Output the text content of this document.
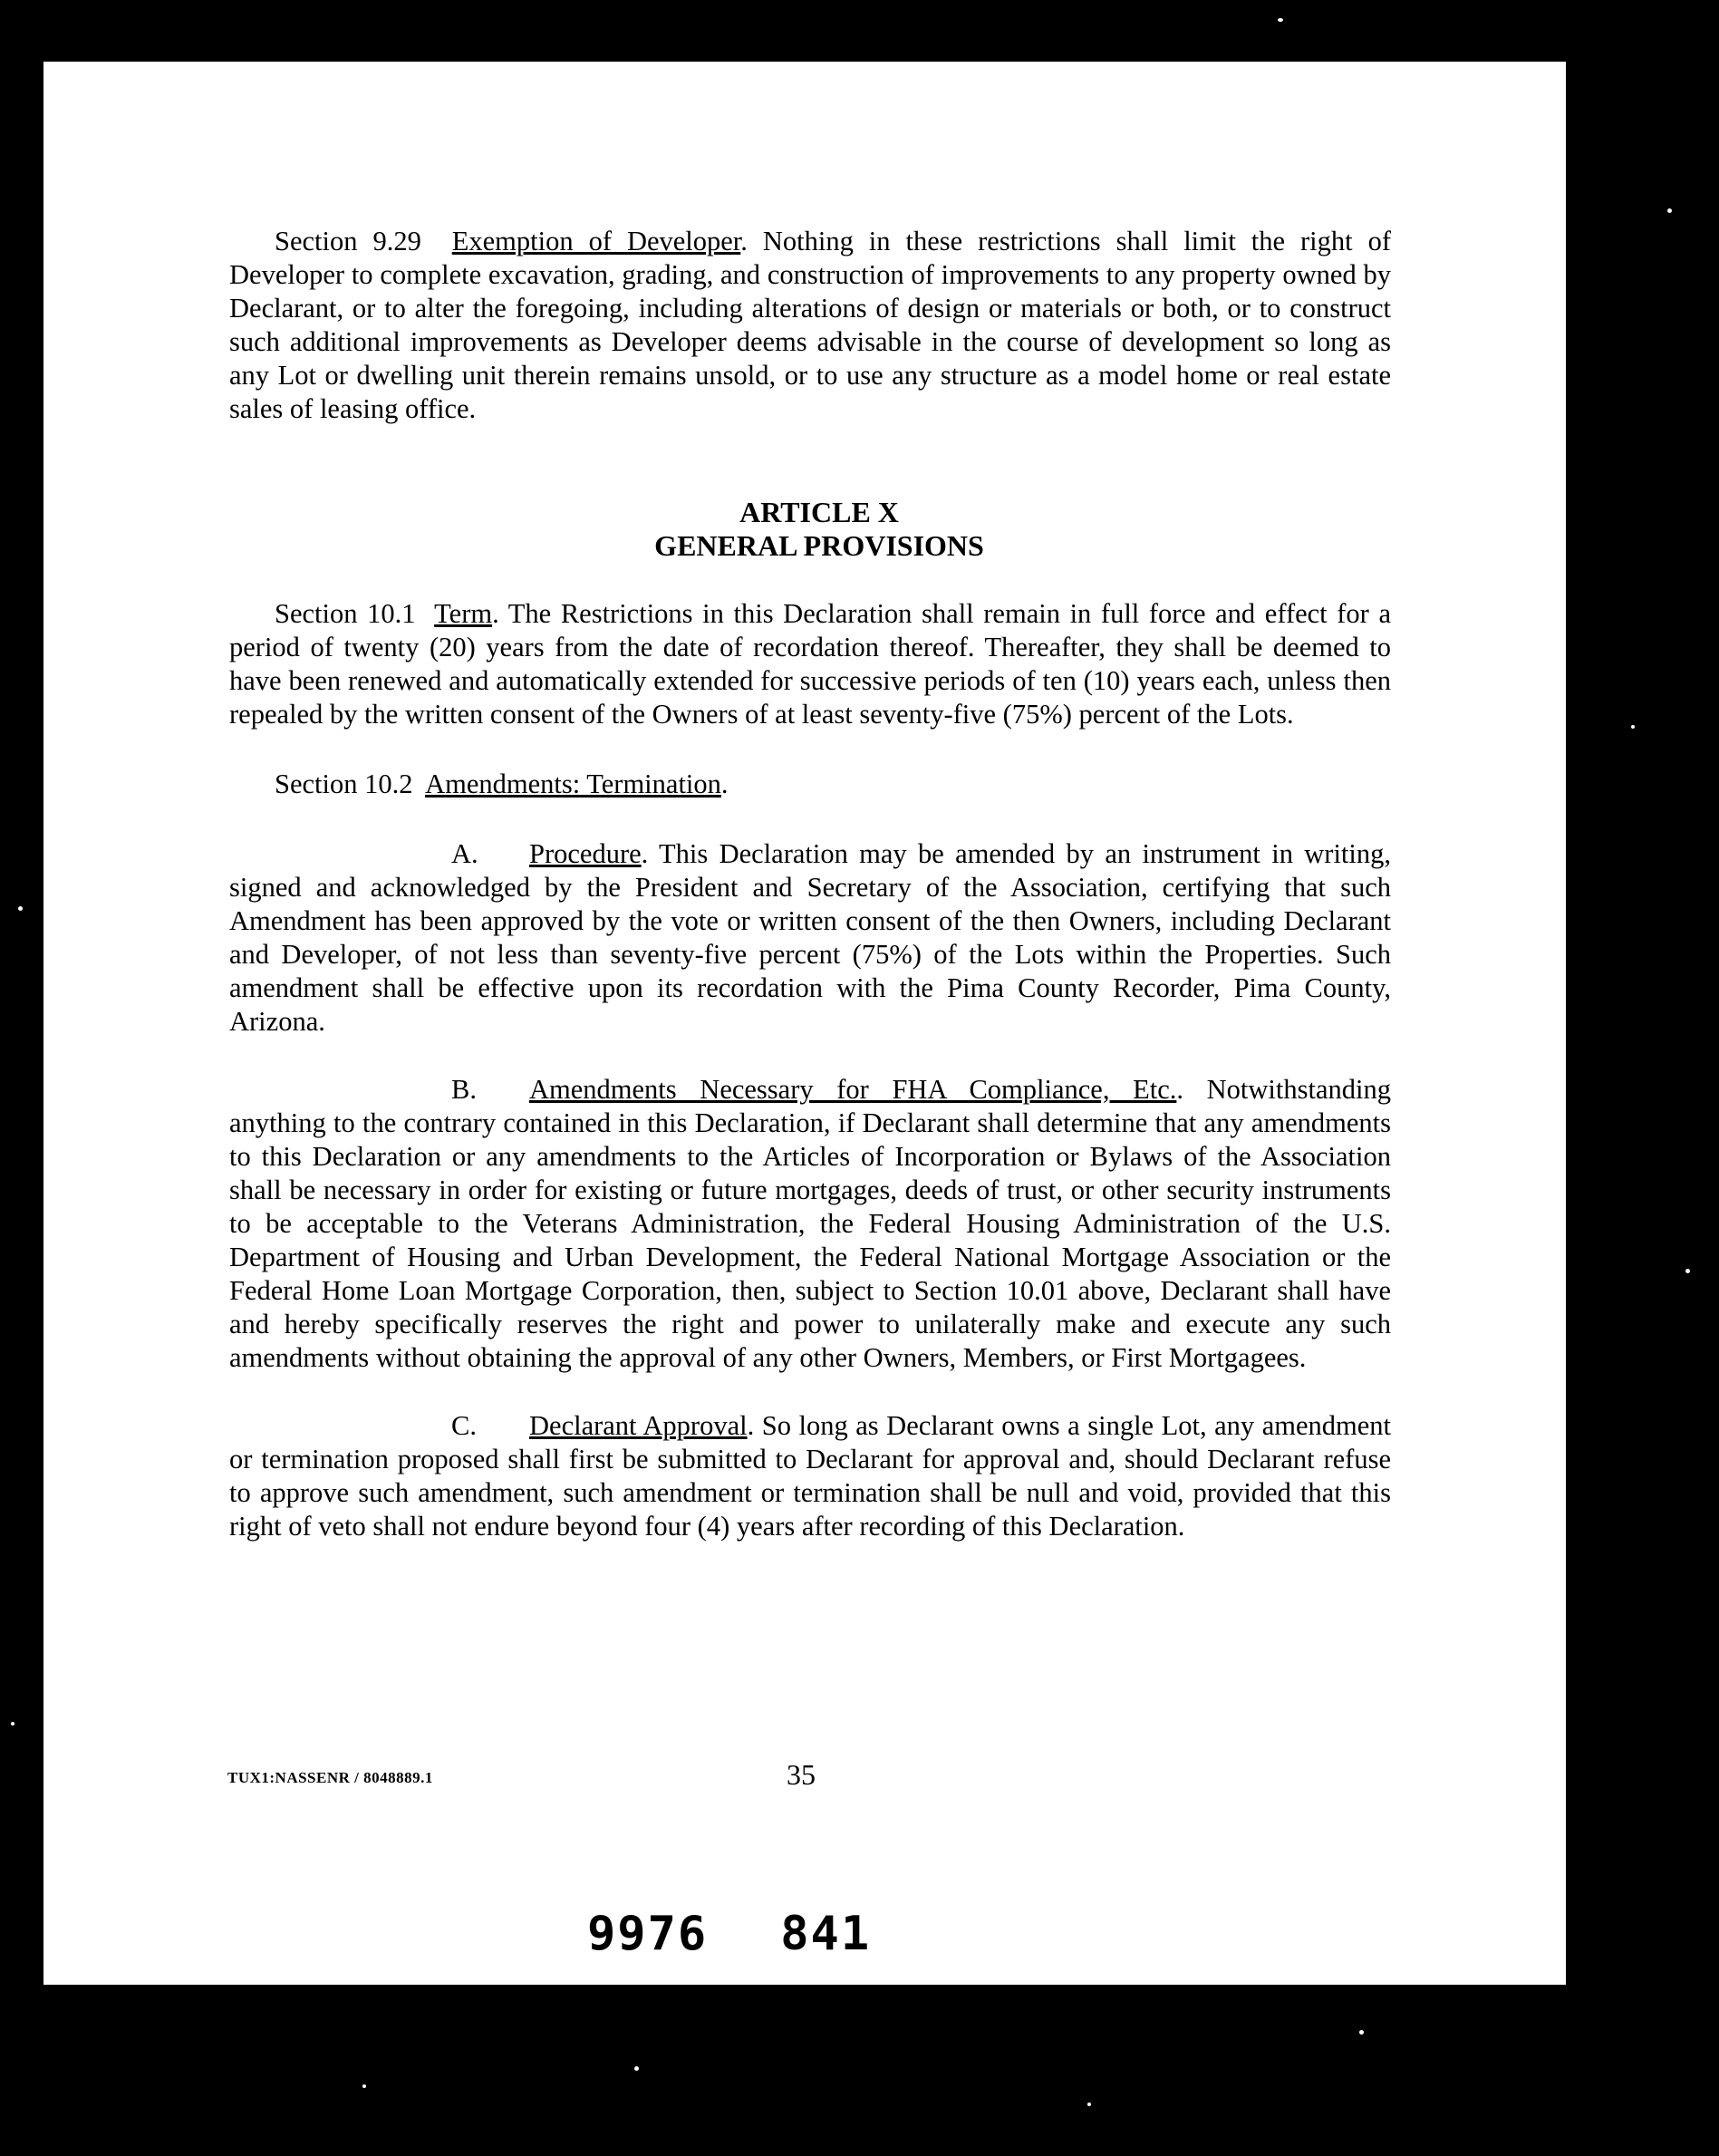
Section 9.29 Exemption of Developer. Nothing in these restrictions shall limit the right of Developer to complete excavation, grading, and construction of improvements to any property owned by Declarant, or to alter the foregoing, including alterations of design or materials or both, or to construct such additional improvements as Developer deems advisable in the course of development so long as any Lot or dwelling unit therein remains unsold, or to use any structure as a model home or real estate sales of leasing office.

ARTICLE X
GENERAL PROVISIONS

Section 10.1 Term. The Restrictions in this Declaration shall remain in full force and effect for a period of twenty (20) years from the date of recordation thereof. Thereafter, they shall be deemed to have been renewed and automatically extended for successive periods of ten (10) years each, unless then repealed by the written consent of the Owners of at least seventy-five (75%) percent of the Lots.

Section 10.2 Amendments: Termination.

A. Procedure. This Declaration may be amended by an instrument in writing, signed and acknowledged by the President and Secretary of the Association, certifying that such Amendment has been approved by the vote or written consent of the then Owners, including Declarant and Developer, of not less than seventy-five percent (75%) of the Lots within the Properties. Such amendment shall be effective upon its recordation with the Pima County Recorder, Pima County, Arizona.

B. Amendments Necessary for FHA Compliance, Etc.. Notwithstanding anything to the contrary contained in this Declaration, if Declarant shall determine that any amendments to this Declaration or any amendments to the Articles of Incorporation or Bylaws of the Association shall be necessary in order for existing or future mortgages, deeds of trust, or other security instruments to be acceptable to the Veterans Administration, the Federal Housing Administration of the U.S. Department of Housing and Urban Development, the Federal National Mortgage Association or the Federal Home Loan Mortgage Corporation, then, subject to Section 10.01 above, Declarant shall have and hereby specifically reserves the right and power to unilaterally make and execute any such amendments without obtaining the approval of any other Owners, Members, or First Mortgagees.

C. Declarant Approval. So long as Declarant owns a single Lot, any amendment or termination proposed shall first be submitted to Declarant for approval and, should Declarant refuse to approve such amendment, such amendment or termination shall be null and void, provided that this right of veto shall not endure beyond four (4) years after recording of this Declaration.

TUX1:NASSENR / 8048889.1	35
9976 841
